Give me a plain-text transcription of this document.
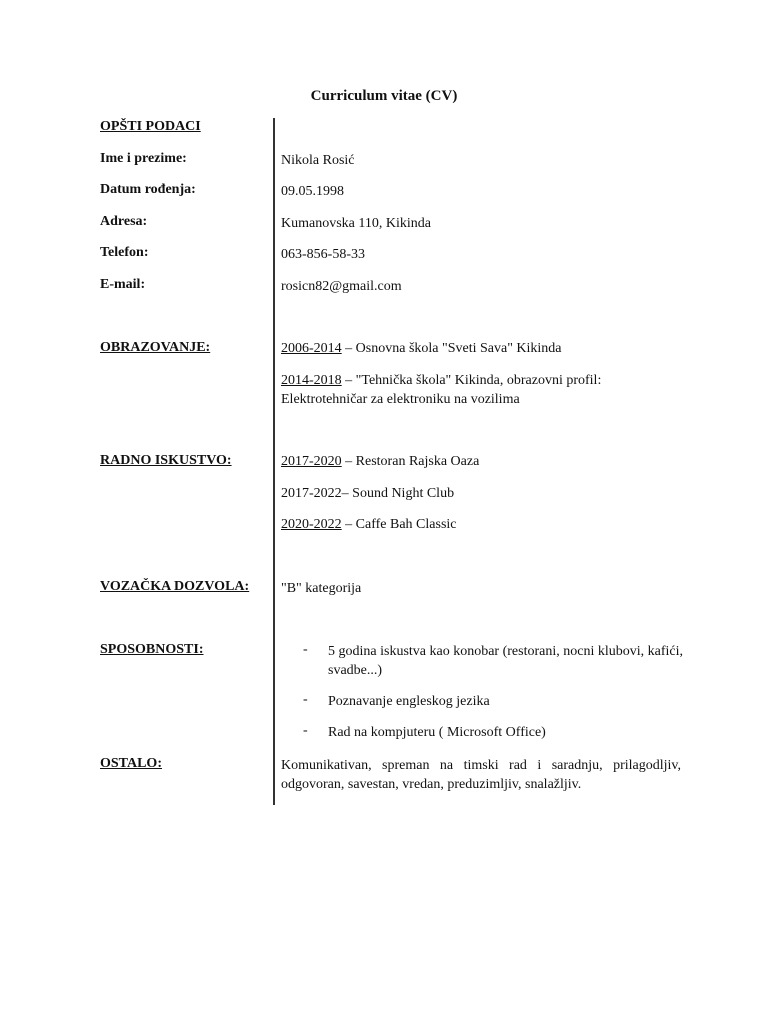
Curriculum vitae (CV)
OPŠTI PODACI
Ime i prezime:	Nikola Rosić
Datum rođenja:	09.05.1998
Adresa:	Kumanovska 110, Kikinda
Telefon:	063-856-58-33
E-mail:	rosicn82@gmail.com
OBRAZOVANJE:	2006-2014 – Osnovna škola "Sveti Sava" Kikinda
2014-2018 – "Tehnička škola" Kikinda, obrazovni profil: Elektrotehničar za elektroniku na vozilima
RADNO ISKUSTVO:	2017-2020 – Restoran Rajska Oaza
2017-2022– Sound Night Club
2020-2022 – Caffe Bah Classic
VOZAČKA DOZVOLA: "B" kategorija
SPOSOBNOSTI:	- 5 godina iskustva kao konobar (restorani, nocni klubovi, kafići, svadbe...)
- Poznavanje engleskog jezika
- Rad na kompjuteru ( Microsoft Office)
OSTALO:	Komunikativan, spreman na timski rad i saradnju, prilagodljiv, odgovoran, savestan, vredan, preduzimljiv, snalažljiv.
